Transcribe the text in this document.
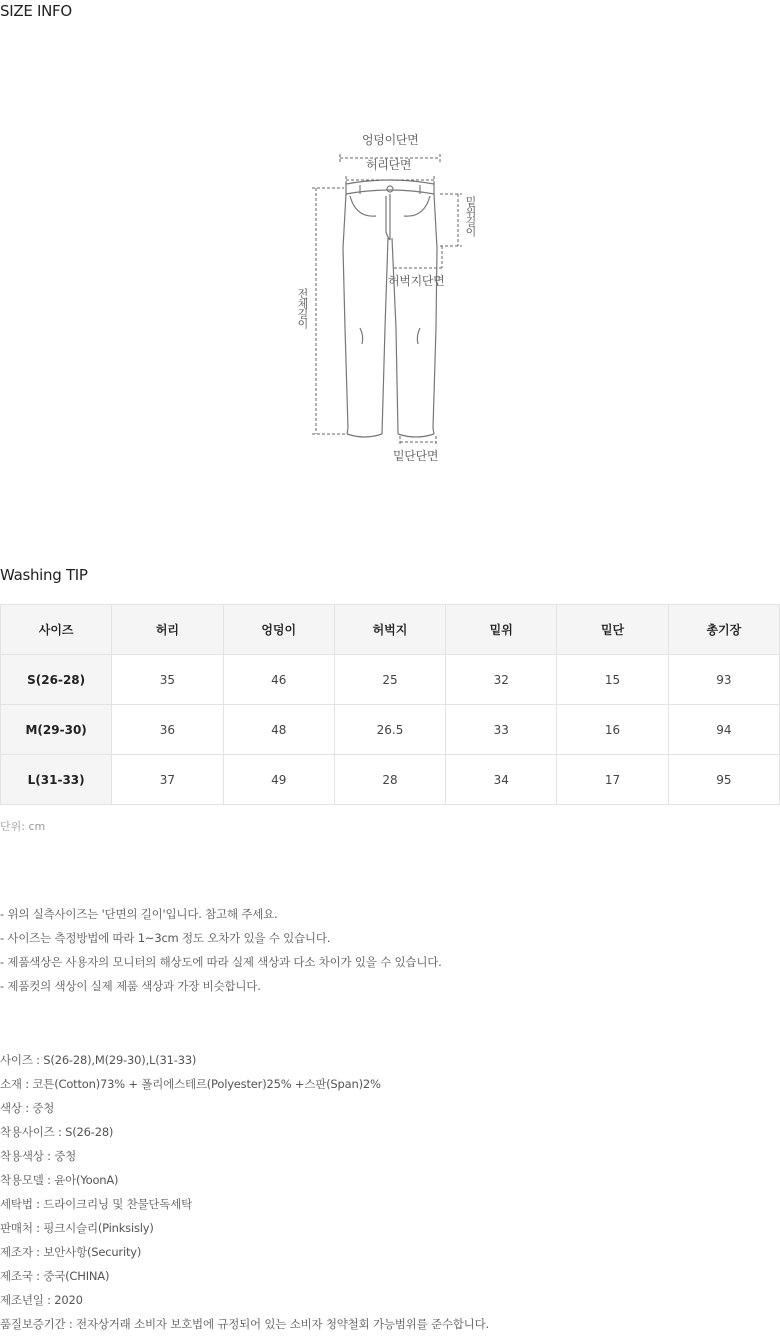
SIZE INFO
엉덩이단면
허리단면
밑위길이
허벅지단면
전체길이
밑단단면
Washing TIP
사이즈	허리	엉덩이	허벅지	밑위	밑단	총기장
S(26-28)	35	46	25	32	15	93
M(29-30)	36	48	26.5	33	16	94
L(31-33)	37	49	28	34	17	95
단위: cm
- 위의 실측사이즈는 '단면의 길이'입니다. 참고해 주세요.
- 사이즈는 측정방법에 따라 1~3cm 정도 오차가 있을 수 있습니다.
- 제품색상은 사용자의 모니터의 해상도에 따라 실제 색상과 다소 차이가 있을 수 있습니다.
- 제품컷의 색상이 실제 제품 색상과 가장 비슷합니다.
사이즈 : S(26-28),M(29-30),L(31-33)
소재 : 코튼(Cotton)73% + 폴리에스테르(Polyester)25% +스판(Span)2%
색상 : 중청
착용사이즈 : S(26-28)
착용색상 : 중청
착용모델 : 윤아(YoonA)
세탁법 : 드라이크리닝 및 찬물단독세탁
판매처 : 핑크시슬리(Pinksisly)
제조자 : 보안사항(Security)
제조국 : 중국(CHINA)
제조년일 : 2020
품질보증기간 : 전자상거래 소비자 보호법에 규정되어 있는 소비자 청약철회 가능범위를 준수합니다.
